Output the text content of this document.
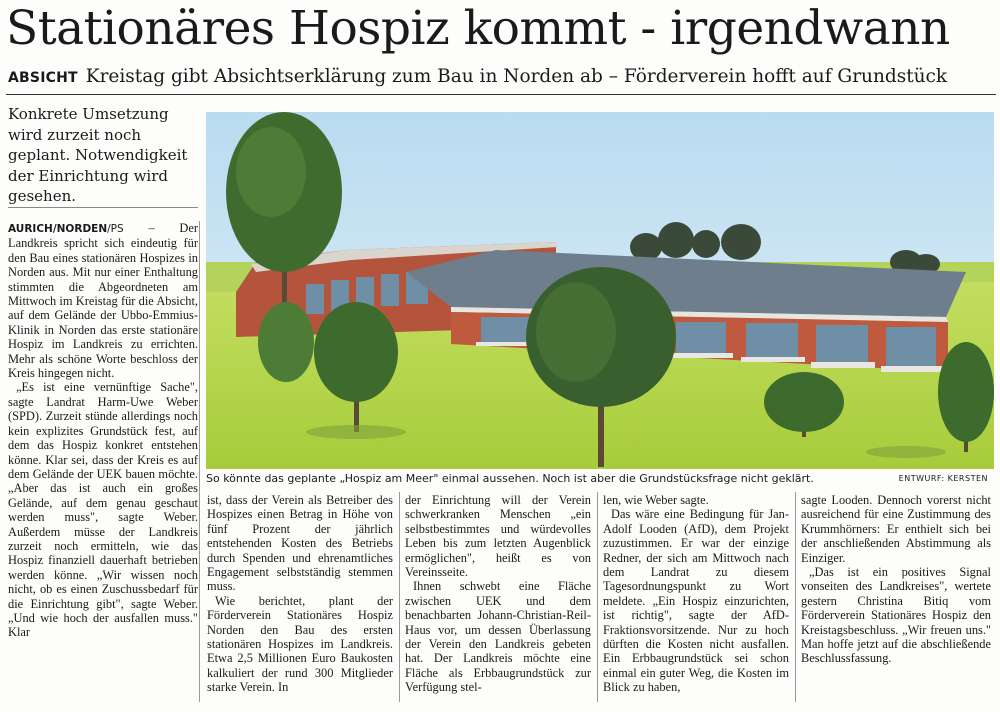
Stationäres Hospiz kommt - irgendwann
ABSICHT Kreistag gibt Absichtserklärung zum Bau in Norden ab – Förderverein hofft auf Grundstück
Konkrete Umsetzung wird zurzeit noch geplant. Notwendigkeit der Einrichtung wird gesehen.

AURICH/NORDEN/PS – Der Landkreis spricht sich eindeutig für den Bau eines stationären Hospizes in Norden aus. Mit nur einer Enthaltung stimmten die Abgeordneten am Mittwoch im Kreistag für die Absicht, auf dem Gelände der Ubbo-Emmius-Klinik in Norden das erste stationäre Hospiz im Landkreis zu errichten. Mehr als schöne Worte beschloss der Kreis hingegen nicht.

„Es ist eine vernünftige Sache", sagte Landrat Harm-Uwe Weber (SPD). Zurzeit stünde allerdings noch kein explizites Grundstück fest, auf dem das Hospiz konkret entstehen könne. Klar sei, dass der Kreis es auf dem Gelände der UEK bauen möchte. „Aber das ist auch ein großes Gelände, auf dem genau geschaut werden muss", sagte Weber. Außerdem müsse der Landkreis zurzeit noch ermitteln, wie das Hospiz finanziell dauerhaft betrieben werden könne. „Wir wissen noch nicht, ob es einen Zuschussbedarf für die Einrichtung gibt", sagte Weber. „Und wie hoch der ausfallen muss." Klar

So könnte das geplante „Hospiz am Meer" einmal aussehen. Noch ist aber die Grundstücksfrage nicht geklärt.	ENTWURF: KERSTEN

ist, dass der Verein als Betreiber des Hospizes einen Betrag in Höhe von fünf Prozent der jährlich entstehenden Kosten des Betriebs durch Spenden und ehrenamtliches Engagement selbstständig stemmen muss.

Wie berichtet, plant der Förderverein Stationäres Hospiz Norden den Bau des ersten stationären Hospizes im Landkreis. Etwa 2,5 Millionen Euro Baukosten kalkuliert der rund 300 Mitglieder starke Verein. In

der Einrichtung will der Verein schwerkranken Menschen „ein selbstbestimmtes und würdevolles Leben bis zum letzten Augenblick ermöglichen", heißt es von Vereinsseite.

Ihnen schwebt eine Fläche zwischen UEK und dem benachbarten Johann-Christian-Reil-Haus vor, um dessen Überlassung der Verein den Landkreis gebeten hat. Der Landkreis möchte eine Fläche als Erbbaugrundstück zur Verfügung stel-

len, wie Weber sagte.

Das wäre eine Bedingung für Jan-Adolf Looden (AfD), dem Projekt zuzustimmen. Er war der einzige Redner, der sich am Mittwoch nach dem Landrat zu diesem Tagesordnungspunkt zu Wort meldete. „Ein Hospiz einzurichten, ist richtig", sagte der AfD-Fraktionsvorsitzende. Nur zu hoch dürften die Kosten nicht ausfallen. Ein Erbbaugrundstück sei schon einmal ein guter Weg, die Kosten im Blick zu haben,

sagte Looden. Dennoch vorerst nicht ausreichend für eine Zustimmung des Krummhörners: Er enthielt sich bei der anschließenden Abstimmung als Einziger.

„Das ist ein positives Signal vonseiten des Landkreises", wertete gestern Christina Bitiq vom Förderverein Stationäres Hospiz den Kreistagsbeschluss. „Wir freuen uns." Man hoffe jetzt auf die abschließende Beschlussfassung.
